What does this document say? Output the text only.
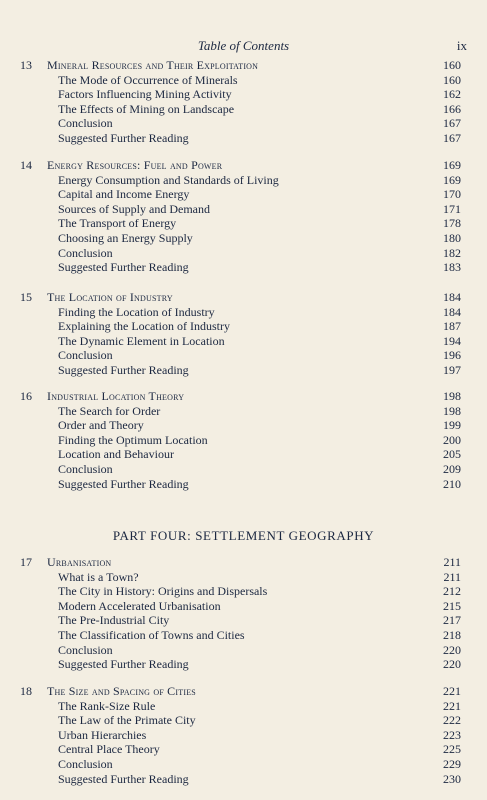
Table of Contents	ix
13 Mineral Resources and Their Exploitation	160
The Mode of Occurrence of Minerals	160
Factors Influencing Mining Activity	162
The Effects of Mining on Landscape	166
Conclusion	167
Suggested Further Reading	167
14 Energy Resources: Fuel and Power	169
Energy Consumption and Standards of Living	169
Capital and Income Energy	170
Sources of Supply and Demand	171
The Transport of Energy	178
Choosing an Energy Supply	180
Conclusion	182
Suggested Further Reading	183
15 The Location of Industry	184
Finding the Location of Industry	184
Explaining the Location of Industry	187
The Dynamic Element in Location	194
Conclusion	196
Suggested Further Reading	197
16 Industrial Location Theory	198
The Search for Order	198
Order and Theory	199
Finding the Optimum Location	200
Location and Behaviour	205
Conclusion	209
Suggested Further Reading	210
PART FOUR: SETTLEMENT GEOGRAPHY
17 Urbanisation	211
What is a Town?	211
The City in History: Origins and Dispersals	212
Modern Accelerated Urbanisation	215
The Pre-Industrial City	217
The Classification of Towns and Cities	218
Conclusion	220
Suggested Further Reading	220
18 The Size and Spacing of Cities	221
The Rank-Size Rule	221
The Law of the Primate City	222
Urban Hierarchies	223
Central Place Theory	225
Conclusion	229
Suggested Further Reading	230
